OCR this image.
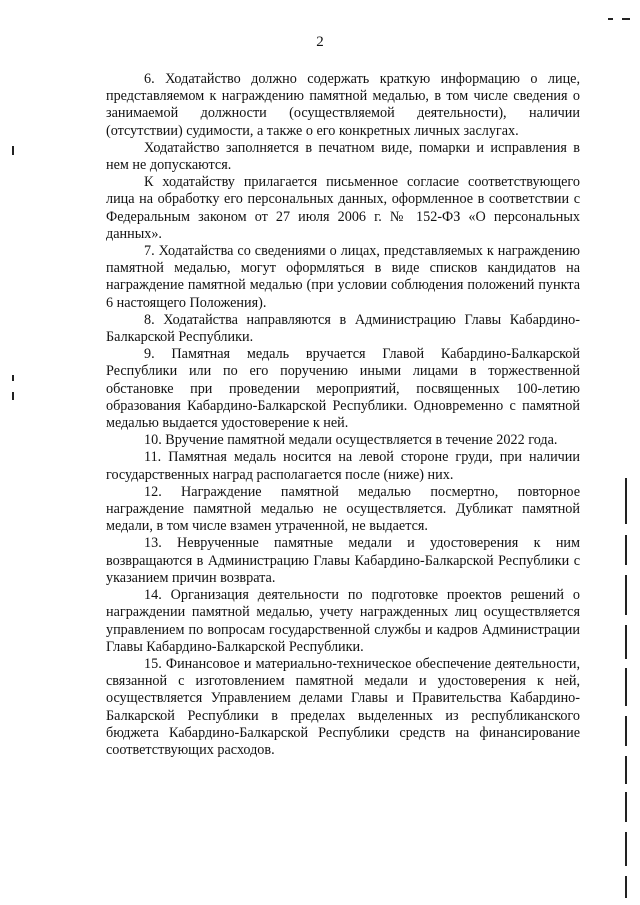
2

6. Ходатайство должно содержать краткую информацию о лице, представляемом к награждению памятной медалью, в том числе сведения о занимаемой должности (осуществляемой деятельности), наличии (отсутствии) судимости, а также о его конкретных личных заслугах.

Ходатайство заполняется в печатном виде, помарки и исправления в нем не допускаются.

К ходатайству прилагается письменное согласие соответствующего лица на обработку его персональных данных, оформленное в соответствии с Федеральным законом от 27 июля 2006 г. № 152-ФЗ «О персональных данных».

7. Ходатайства со сведениями о лицах, представляемых к награждению памятной медалью, могут оформляться в виде списков кандидатов на награждение памятной медалью (при условии соблюдения положений пункта 6 настоящего Положения).

8. Ходатайства направляются в Администрацию Главы Кабардино-Балкарской Республики.

9. Памятная медаль вручается Главой Кабардино-Балкарской Республики или по его поручению иными лицами в торжественной обстановке при проведении мероприятий, посвященных 100-летию образования Кабардино-Балкарской Республики. Одновременно с памятной медалью выдается удостоверение к ней.

10. Вручение памятной медали осуществляется в течение 2022 года.

11. Памятная медаль носится на левой стороне груди, при наличии государственных наград располагается после (ниже) них.

12. Награждение памятной медалью посмертно, повторное награждение памятной медалью не осуществляется. Дубликат памятной медали, в том числе взамен утраченной, не выдается.

13. Неврученные памятные медали и удостоверения к ним возвращаются в Администрацию Главы Кабардино-Балкарской Республики с указанием причин возврата.

14. Организация деятельности по подготовке проектов решений о награждении памятной медалью, учету награжденных лиц осуществляется управлением по вопросам государственной службы и кадров Администрации Главы Кабардино-Балкарской Республики.

15. Финансовое и материально-техническое обеспечение деятельности, связанной с изготовлением памятной медали и удостоверения к ней, осуществляется Управлением делами Главы и Правительства Кабардино-Балкарской Республики в пределах выделенных из республиканского бюджета Кабардино-Балкарской Республики средств на финансирование соответствующих расходов.
